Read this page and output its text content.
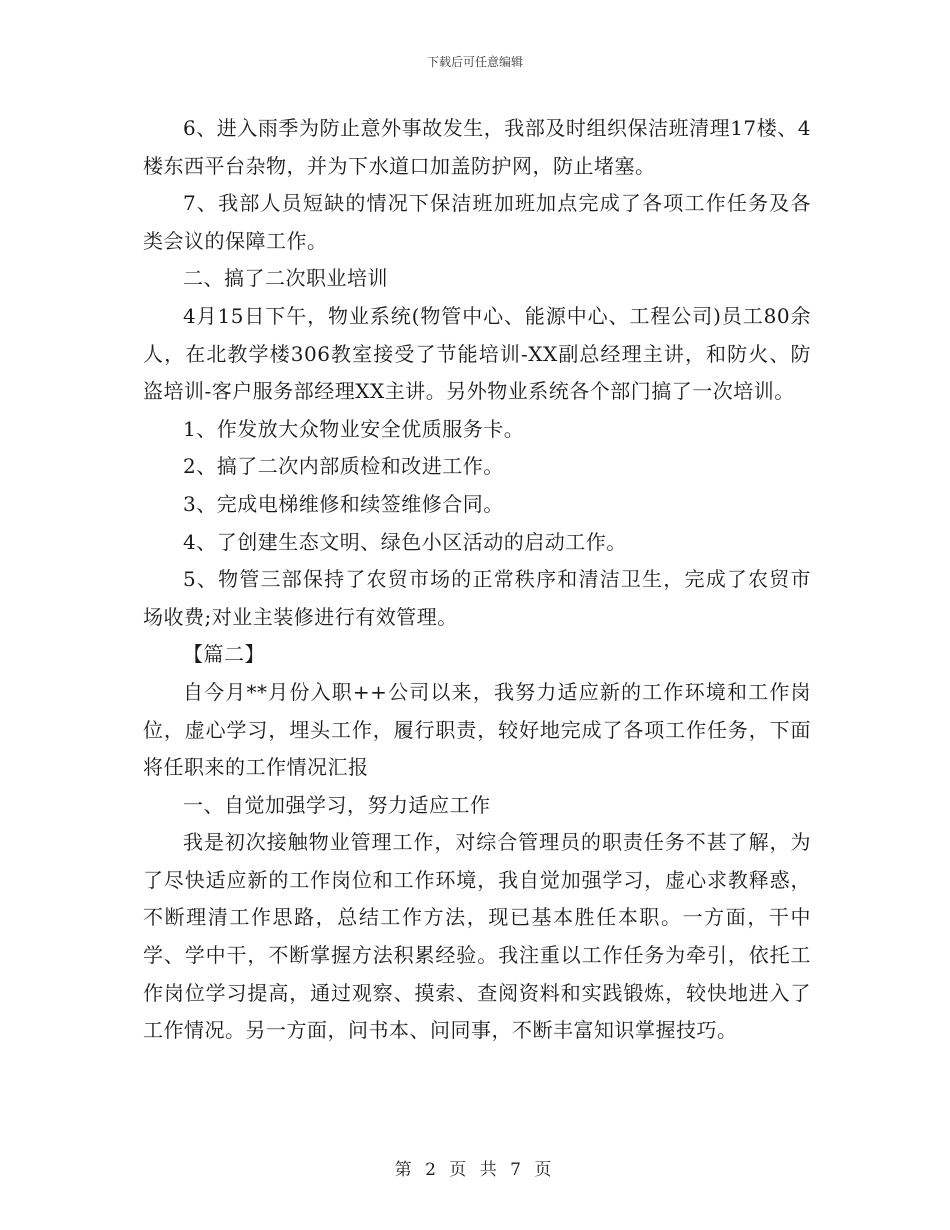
下载后可任意编辑

6、进入雨季为防止意外事故发生，我部及时组织保洁班清理17楼、4楼东西平台杂物，并为下水道口加盖防护网，防止堵塞。

7、我部人员短缺的情况下保洁班加班加点完成了各项工作任务及各类会议的保障工作。

二、搞了二次职业培训

4月15日下午，物业系统(物管中心、能源中心、工程公司)员工80余人，在北教学楼306教室接受了节能培训-XX副总经理主讲，和防火、防盗培训-客户服务部经理XX主讲。另外物业系统各个部门搞了一次培训。

1、作发放大众物业安全优质服务卡。

2、搞了二次内部质检和改进工作。

3、完成电梯维修和续签维修合同。

4、了创建生态文明、绿色小区活动的启动工作。

5、物管三部保持了农贸市场的正常秩序和清洁卫生，完成了农贸市场收费;对业主装修进行有效管理。

【篇二】

自今月**月份入职++公司以来，我努力适应新的工作环境和工作岗位，虚心学习，埋头工作，履行职责，较好地完成了各项工作任务，下面将任职来的工作情况汇报

一、自觉加强学习，努力适应工作

我是初次接触物业管理工作，对综合管理员的职责任务不甚了解，为了尽快适应新的工作岗位和工作环境，我自觉加强学习，虚心求教释惑，不断理清工作思路，总结工作方法，现已基本胜任本职。一方面，干中学、学中干，不断掌握方法积累经验。我注重以工作任务为牵引，依托工作岗位学习提高，通过观察、摸索、查阅资料和实践锻炼，较快地进入了工作情况。另一方面，问书本、问同事，不断丰富知识掌握技巧。

第 2 页 共 7 页
